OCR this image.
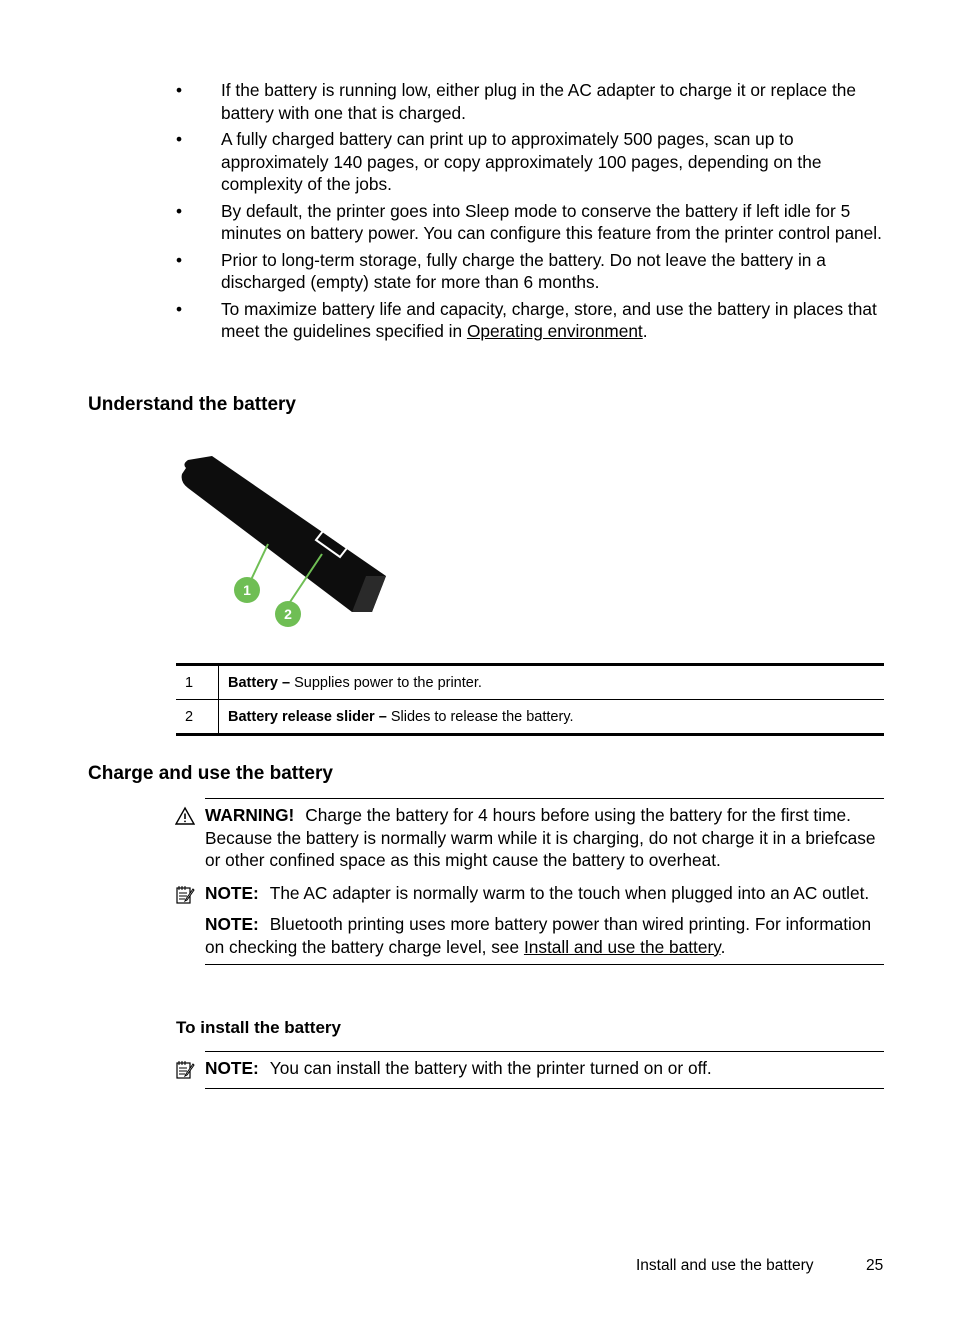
• If the battery is running low, either plug in the AC adapter to charge it or replace the battery with one that is charged.
• A fully charged battery can print up to approximately 500 pages, scan up to approximately 140 pages, or copy approximately 100 pages, depending on the complexity of the jobs.
• By default, the printer goes into Sleep mode to conserve the battery if left idle for 5 minutes on battery power. You can configure this feature from the printer control panel.
• Prior to long-term storage, fully charge the battery. Do not leave the battery in a discharged (empty) state for more than 6 months.
• To maximize battery life and capacity, charge, store, and use the battery in places that meet the guidelines specified in Operating environment.
Understand the battery
1
2
1	Battery – Supplies power to the printer.
2	Battery release slider – Slides to release the battery.
Charge and use the battery
WARNING! Charge the battery for 4 hours before using the battery for the first time. Because the battery is normally warm while it is charging, do not charge it in a briefcase or other confined space as this might cause the battery to overheat.
NOTE: The AC adapter is normally warm to the touch when plugged into an AC outlet.
NOTE: Bluetooth printing uses more battery power than wired printing. For information on checking the battery charge level, see Install and use the battery.
To install the battery
NOTE: You can install the battery with the printer turned on or off.
Install and use the battery	25
